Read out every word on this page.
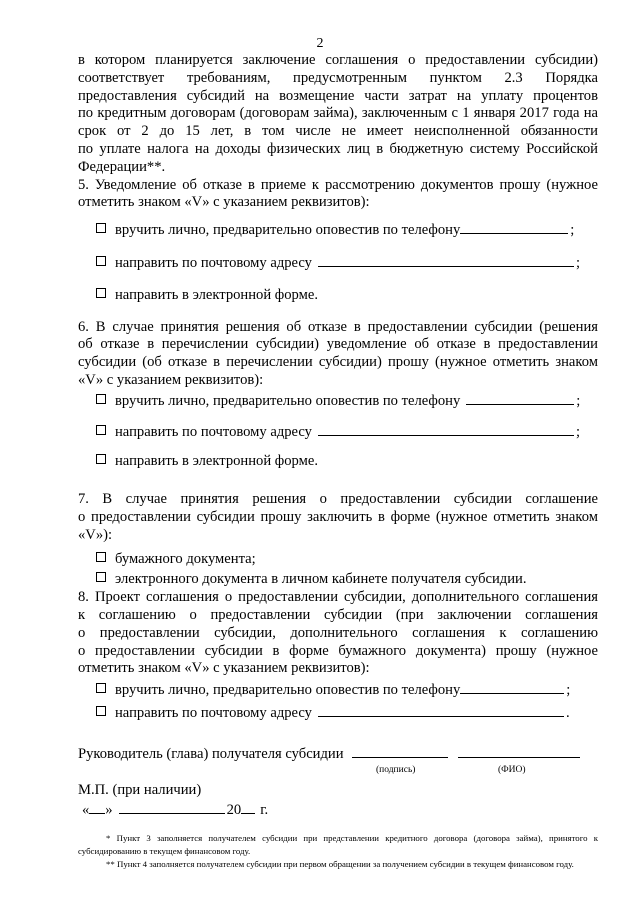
2

в котором планируется заключение соглашения о предоставлении субсидии)

соответствует требованиям, предусмотренным пунктом 2.3 Порядка

предоставления субсидий на возмещение части затрат на уплату процентов

по кредитным договорам (договорам займа), заключенным с 1 января 2017 года на

срок от 2 до 15 лет, в том числе не имеет неисполненной обязанности

по уплате налога на доходы физических лиц в бюджетную систему Российской

Федерации**.

5. Уведомление об отказе в приеме к рассмотрению документов прошу (нужное

отметить знаком «V» с указанием реквизитов):

вручить лично, предварительно оповестив по телефону	;
направить по почтовому адресу	;
направить в электронной форме.

6. В случае принятия решения об отказе в предоставлении субсидии (решения

об отказе в перечислении субсидии) уведомление об отказе в предоставлении

субсидии (об отказе в перечислении субсидии) прошу (нужное отметить знаком

«V» с указанием реквизитов):

вручить лично, предварительно оповестив по телефону	;
направить по почтовому адресу	;
направить в электронной форме.

7. В случае принятия решения о предоставлении субсидии соглашение

о предоставлении субсидии прошу заключить в форме (нужное отметить знаком

«V»):

бумажного документа;
электронного документа в личном кабинете получателя субсидии.

8. Проект соглашения о предоставлении субсидии, дополнительного соглашения

к соглашению о предоставлении субсидии (при заключении соглашения

о предоставлении субсидии, дополнительного соглашения к соглашению

о предоставлении субсидии в форме бумажного документа) прошу (нужное

отметить знаком «V» с указанием реквизитов):

вручить лично, предварительно оповестив по телефону	;
направить по почтовому адресу	.
Руководитель (глава) получателя субсидии
(подпись)	(ФИО)

М.П. (при наличии)

« »	20 г.

* Пункт 3 заполняется получателем субсидии при представлении кредитного договора (договора займа), принятого к субсидированию в текущем финансовом году.

** Пункт 4 заполняется получателем субсидии при первом обращении за получением субсидии в текущем финансовом году.
